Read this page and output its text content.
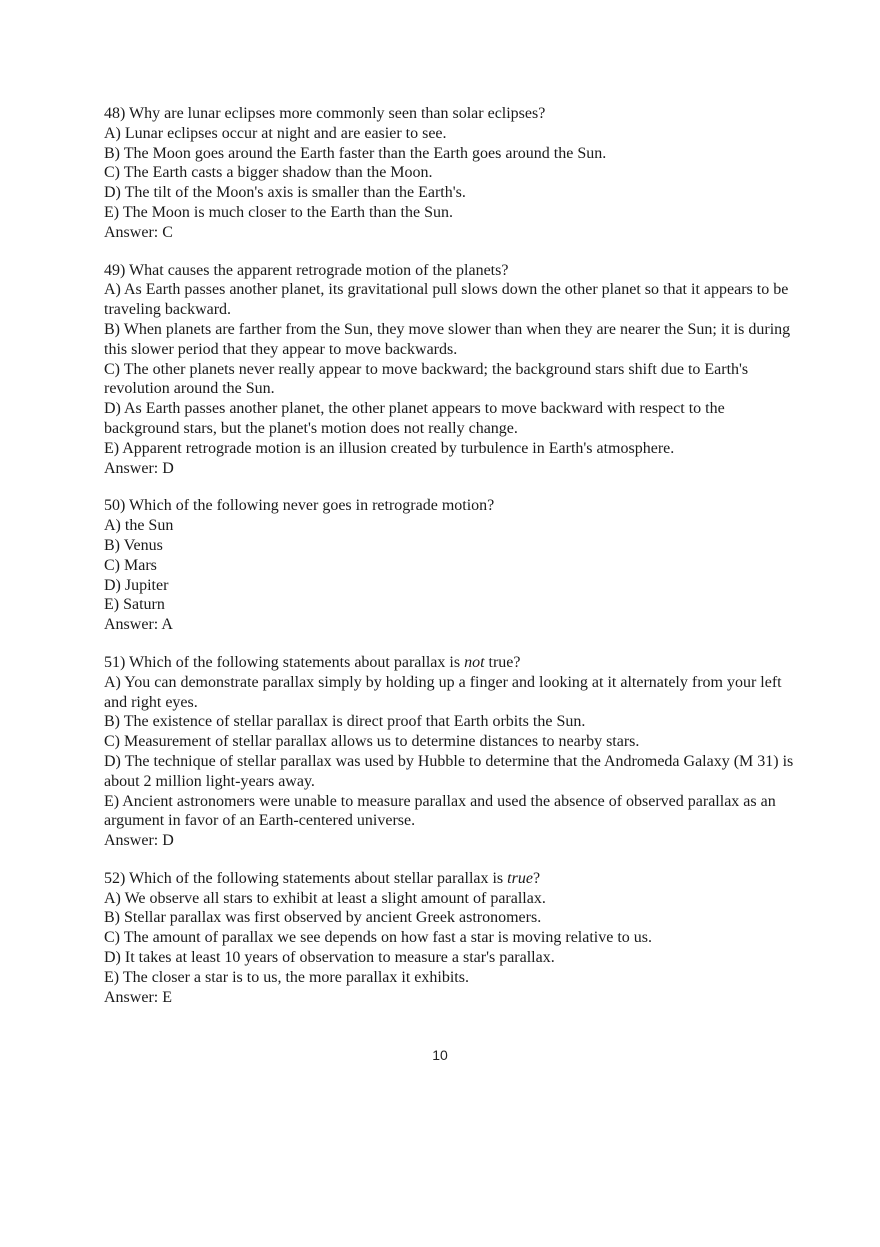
48) Why are lunar eclipses more commonly seen than solar eclipses?
A) Lunar eclipses occur at night and are easier to see.
B) The Moon goes around the Earth faster than the Earth goes around the Sun.
C) The Earth casts a bigger shadow than the Moon.
D) The tilt of the Moon's axis is smaller than the Earth's.
E) The Moon is much closer to the Earth than the Sun.
Answer: C
49) What causes the apparent retrograde motion of the planets?
A) As Earth passes another planet, its gravitational pull slows down the other planet so that it appears to be traveling backward.
B) When planets are farther from the Sun, they move slower than when they are nearer the Sun; it is during this slower period that they appear to move backwards.
C) The other planets never really appear to move backward; the background stars shift due to Earth's revolution around the Sun.
D) As Earth passes another planet, the other planet appears to move backward with respect to the background stars, but the planet's motion does not really change.
E) Apparent retrograde motion is an illusion created by turbulence in Earth's atmosphere.
Answer: D
50) Which of the following never goes in retrograde motion?
A) the Sun
B) Venus
C) Mars
D) Jupiter
E) Saturn
Answer: A
51) Which of the following statements about parallax is not true?
A) You can demonstrate parallax simply by holding up a finger and looking at it alternately from your left and right eyes.
B) The existence of stellar parallax is direct proof that Earth orbits the Sun.
C) Measurement of stellar parallax allows us to determine distances to nearby stars.
D) The technique of stellar parallax was used by Hubble to determine that the Andromeda Galaxy (M 31) is about 2 million light-years away.
E) Ancient astronomers were unable to measure parallax and used the absence of observed parallax as an argument in favor of an Earth-centered universe.
Answer: D
52) Which of the following statements about stellar parallax is true?
A) We observe all stars to exhibit at least a slight amount of parallax.
B) Stellar parallax was first observed by ancient Greek astronomers.
C) The amount of parallax we see depends on how fast a star is moving relative to us.
D) It takes at least 10 years of observation to measure a star's parallax.
E) The closer a star is to us, the more parallax it exhibits.
Answer: E
10
